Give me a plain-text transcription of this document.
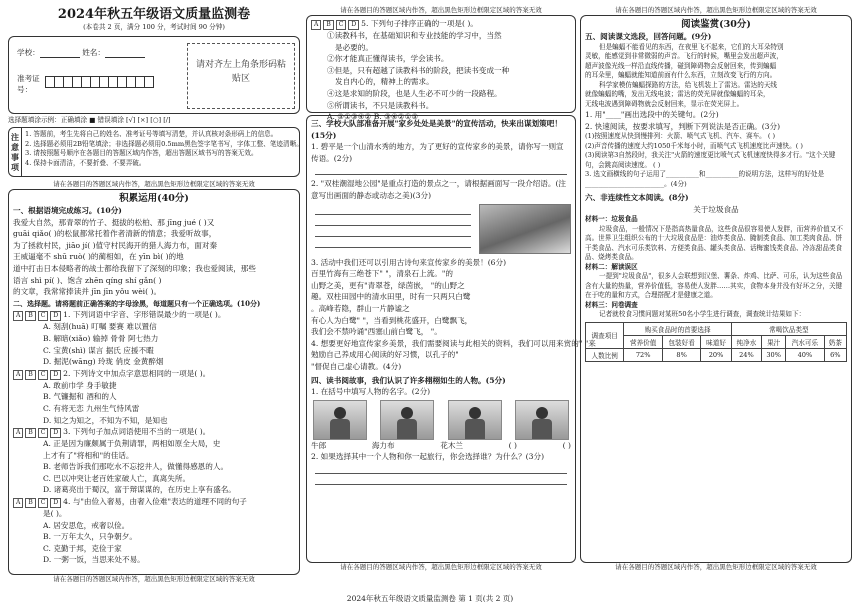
2024年秋五年级语文质量监测卷
(本卷共 2 页，满分 100 分，考试时间 90 分钟)
学校：	姓名：
准考证号：
请对齐左上角条形码粘贴区
选择题填涂示例：正确填涂 ■ 错误填涂 [√] [×] [○] [/]
注意事项
1. 答题前，考生先将自己的姓名、准考证号等填写清楚，并认真核对条形码上的信息。
2. 选择题必须用2B铅笔填涂；非选择题必须用0.5mm黑色签字笔书写，字体工整、笔迹清晰。
3. 请按照题号顺序在各题目的答题区域内作答，超出答题区域书写的答案无效。
4. 保持卡面清洁，不要折叠、不要弄破。
请在各题目的答题区域内作答，超出黑色矩形边框限定区域的答案无效
积累运用(40分)
一、根据语境完成练习。(10分)
我爱大自然，那青翠的竹子、挺拔的松柏、那 jīng jué ( )又
guāi qiǎo( )的松鼠都常托着作者清新的情意；我爱听故事，
为了拯救村民，jiāo jí( )值守村民海开的猎人海力布，面对秦
王威逼毫不 shū ruò( )的蔺相如，在 yīn bì( )的地
道中打击日本侵略者的战士都给我留下了深刻的印象；我也爱阅读，那些
语言 shì pí( )、饱含 zhēn qíng shí gǎn( )
的文章，我常常捧读并 jīn jīn yǒu wèi( )。
二、选择题。请将题前正确答案的字母涂黑，每道题只有一个正确选项。(10分)
A B C D 1. 下列词语中字音、字形错误最少的一项是( )。
A. 刻刮(huā) 叮嘱 要赛 难以置信
B. 解暗(xiǎo) 输掉 骨骨 阿七热力
C. 宝黄(shì) 谋言 据氏 应援不暇
D. 掘泥(wāng) 玲珑 俏皮 金黄醉烟
A B C D 2. 下列诗文中加点字意思相同的一项是( )。
A. 敢前巾学 身手敏捷
B. 气镰掘和 酒和的人
C. 有将无恋 九州生气恃风雷
D. 知之为知之，不知为不知，是知也
A B C D 3. 下列句子加点词语使用不当的一项是( )。
A. 正是因为廉颇属于负荆请罪，两相如原全大局，史
上才有了"将相和"的佳话。
B. 老师告诉我们那吃水不忘挖井人，做懂得感恩的人。
C. 巴以冲突让老百姓家破人亡，真离失所。
D. 诸葛亮出于蜀汉，富于辩谋谋的，在历史上享有盛名。
A B C D 4. 与"由俭入奢易，由奢入俭难"表达的道理不同的句子
是( )。
A. 居安思危，戒奢以俭。
B. 一万年太久，只争朝夕。
C. 克勤于邦，克俭于家
D. 一粥一饭，当思来处不易。
请在各题目的答题区域内作答，超出黑色矩形边框限定区域的答案无效
请在各题目的答题区域内作答，超出黑色矩形边框限定区域的答案无效
A B C D 5. 下列句子排序正确的一项是( )。
①读教科书，在基础知识和专业技能的学习中，当然
是必要的。
②你才能真正懂得读书，学会读书。
③但是，只有超越了读教科书的阶段，把读书变成一种
发自内心的，精神上的需求。
④这是求知的阶段，也是人生必不可少的一段路程。
⑤所谓读书，不只是读教科书。
A. ⑤①③④② B. ③④②①⑤
三、学校大队部准备开展"家乡处处是美景"的宣传活动，快来出谋划策吧！(15分)
1. 碧平是一个山清水秀的地方，为了更好的宣传家乡的美景，请你写一则宣传语。(2分)
2. "双桂潮湿地公园"是重点打造的景点之一，请根据画面写一段介绍语。(注意写出画面的静态或动态之美)(3分)
3. 活动中我们还可以引用古诗句来宣传家乡的美景！(6分)
百里竹海有三绝苍下" "，清泉石上流。"的
山野之美，更有"青翠苍，绿茵嵌， "的山野之
趣。双柱田园中的清水田里，时有一只两只白鹭
。高峰若隐，群山一片静谧之
有心人为白鹭" "，当看到桃花盛开，白鹭飘飞，
我们会不禁吟诵"西塞山前白鹭飞， "。
4. 想要更好地宣传家乡美景，我们需要阅读与此相关的资料，我们可以用来赏的" "来
勉励自己养成用心阅读的好习惯，以孔子的"
"督促自己虚心请教。(4分)
四、读书阅故事，我们认识了许多栩栩如生的人物。(5分)
1. 在括号中填写人物的名字。(2分)
牛郎	海力布	花木兰	( )	( )
2. 如果选择其中一个人物和你一起旅行，你会选择谁？为什么？(3分)
请在各题目的答题区域内作答，超出黑色矩形边框限定区域的答案无效
请在各题目的答题区域内作答，超出黑色矩形边框限定区域的答案无效
阅读鉴赏(30分)
五、阅读课文选段，回答问题。(9分)
但是蝙蝠不能看见的东西，在夜里飞不起来，它们的大耳朵特别
灵敏，能感觉到非常微弱的声音。飞行的时候，嘴里会发出超声波，
超声波像光线一样沿直线传播，碰到障碍物会反射回来，传到蝙蝠
的耳朵里，蝙蝠就能知道前面有什么东西，立刻改变飞行的方向。
科学家模仿蝙蝠探路的方法，给飞机装上了雷达。雷达的天线
就像蝙蝠的嘴，发出无线电波；雷达的荧光屏就像蝙蝠的耳朵，
无线电波遇到障碍物就会反射回来，显示在荧光屏上。
1. 用"____"画出选段中的关键句。(2分)
2. 快速阅读，按要求填写，判断下列说法是否正确。(3分)
(1)按照速度从快到慢排列：火箭、喷气式飞机、汽车、赛车。 ( )
(2)声音传播的速度大约1050千米每小时，而喷气式飞机速度比声速快。( )
(3)阅读第3自然段时，我关注"火箭的速度更比喷气式飞机速度快得多才行。"这个关键句，会跳高阅读速度。 ( )
3. 选文画横线的句子运用了__________和__________的说明方法，这样写的好处是________________________。(4分)
六、非连续性文本阅读。(8分)
关于垃圾食品
材料一：垃圾食品
垃圾食品，一般情况下是指高热量食品，这些食品很容易使人发胖，而营养价值又不高。世界卫生组织公布的十大垃圾食品是：油炸类食品、腌制类食品、加工类肉食品、饼干类食品、汽水可乐类饮料、方便类食品、罐头类食品、话梅蜜饯类食品、冷冻甜品类食品、烧烤类食品。
材料二：解读误区
一提到"垃圾食品"，很多人会联想到汉堡、薯条、炸鸡、比萨、可乐，认为这些食品含有大量的热量，营养价值低，容易使人发胖……其实，食物本身并没有好坏之分，关键在于吃的量和方式，合理搭配才是健康之道。
材料三：问卷调查
记者就校食习惯问题对某班50名小学生进行调查，调查统计结果如下：
调查项目	购买食品时的首要选择			常喝饮品类型			
	营养价值	包装好看	味道好	纯净水	果汁	汽水可乐	奶茶
人数比例	72%	8%	20%	24%	30%	40%	6%
请在各题目的答题区域内作答，超出黑色矩形边框限定区域的答案无效
2024年秋五年级语文质量监测卷 第 1 页(共 2 页)
